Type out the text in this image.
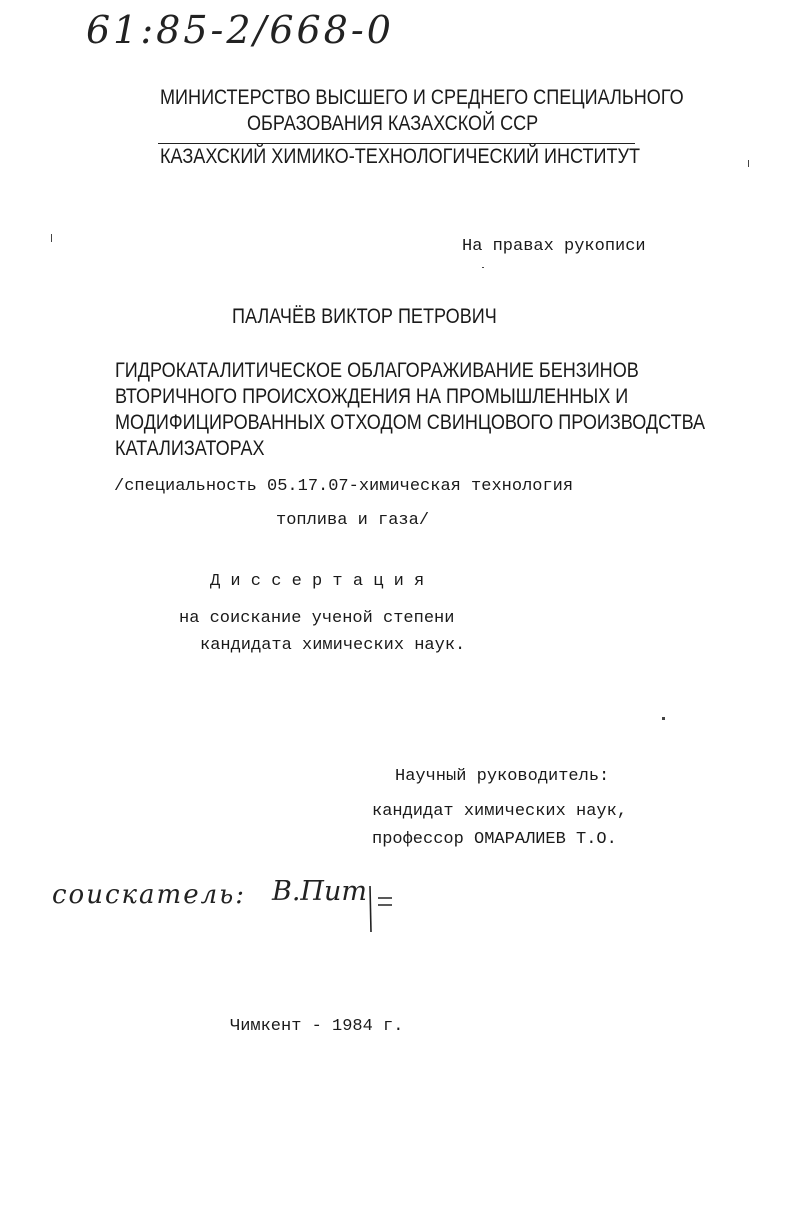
61:85-2/668-0
МИНИСТЕРСТВО ВЫСШЕГО И СРЕДНЕГО СПЕЦИАЛЬНОГО
ОБРАЗОВАНИЯ КАЗАХСКОЙ ССР
КАЗАХСКИЙ ХИМИКО-ТЕХНОЛОГИЧЕСКИЙ ИНСТИТУТ
На правах рукописи
ПАЛАЧЁВ ВИКТОР ПЕТРОВИЧ
ГИДРОКАТАЛИТИЧЕСКОЕ ОБЛАГОРАЖИВАНИЕ БЕНЗИНОВ
ВТОРИЧНОГО ПРОИСХОЖДЕНИЯ НА ПРОМЫШЛЕННЫХ И
МОДИФИЦИРОВАННЫХ ОТХОДОМ СВИНЦОВОГО ПРОИЗВОДСТВА
КАТАЛИЗАТОРАХ
/специальность 05.17.07-химическая технология
топлива и газа/
Д и с с е р т а ц и я
на соискание ученой степени
кандидата химических наук.
Научный руководитель:
кандидат химических наук,
профессор ОМАРАЛИЕВ Т.О.
соискатель: В.Пит
Чимкент - 1984 г.
